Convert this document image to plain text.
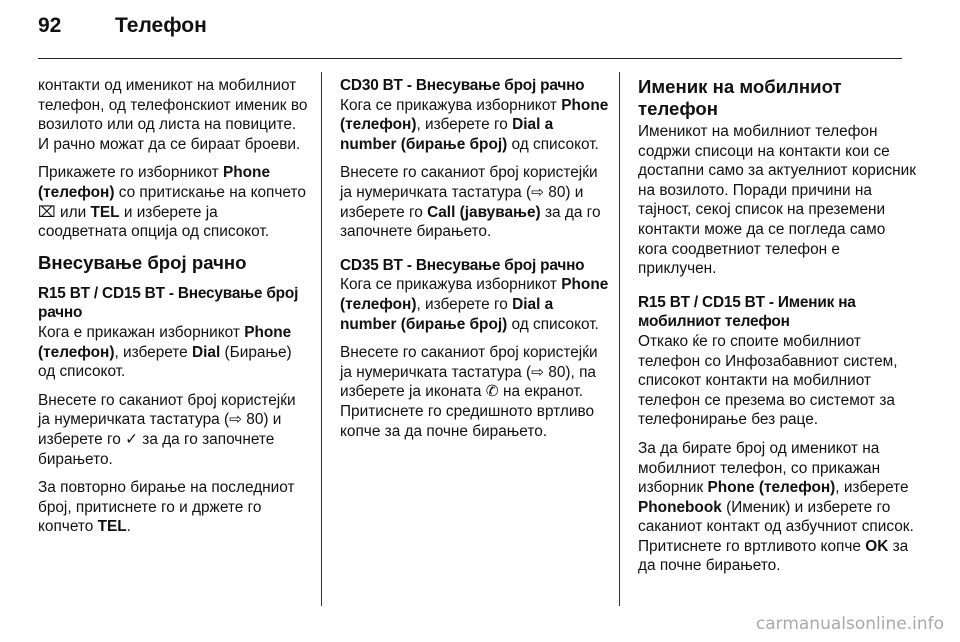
92	Телефон

контакти од именикот на мобилниот телефон, од телефонскиот именик во возилото или од листа на повиците. И рачно можат да се бираат броеви.

Прикажете го изборникот Phone (телефон) со притискање на копчето ⌧ или TEL и изберете ја соодветната опција од списокот.

Внесување број рачно
R15 BT / CD15 BT - Внесување број рачно

Кога е прикажан изборникот Phone (телефон), изберете Dial (Бирање) од списокот.

Внесете го саканиот број користејќи ја нумеричката тастатура (⇨ 80) и изберете го ✓ за да го започнете бирањето.

За повторно бирање на последниот број, притиснете го и држете го копчето TEL.

CD30 BT - Внесување број рачно

Кога се прикажува изборникот Phone (телефон), изберете го Dial a number (бирање број) од списокот.

Внесете го саканиот број користејќи ја нумеричката тастатура (⇨ 80) и изберете го Call (јавување) за да го започнете бирањето.

CD35 BT - Внесување број рачно

Кога се прикажува изборникот Phone (телефон), изберете го Dial a number (бирање број) од списокот.

Внесете го саканиот број користејќи ја нумеричката тастатура (⇨ 80), па изберете ја иконата ✆ на екранот. Притиснете го средишното вртливо копче за да почне бирањето.

Именик на мобилниот телефон

Именикот на мобилниот телефон содржи списоци на контакти кои се достапни само за актуелниот корисник на возилото. Поради причини на тајност, секој список на преземени контакти може да се погледа само кога соодветниот телефон е приклучен.

R15 BT / CD15 BT - Именик на мобилниот телефон

Откако ќе го споите мобилниот телефон со Инфозабавниот систем, списокот контакти на мобилниот телефон се презема во системот за телефонирање без раце.

За да бирате број од именикот на мобилниот телефон, со прикажан изборник Phone (телефон), изберете Phonebook (Именик) и изберете го саканиот контакт од азбучниот список. Притиснете го вртливото копче OK за да почне бирањето.

carmanualsonline.info
